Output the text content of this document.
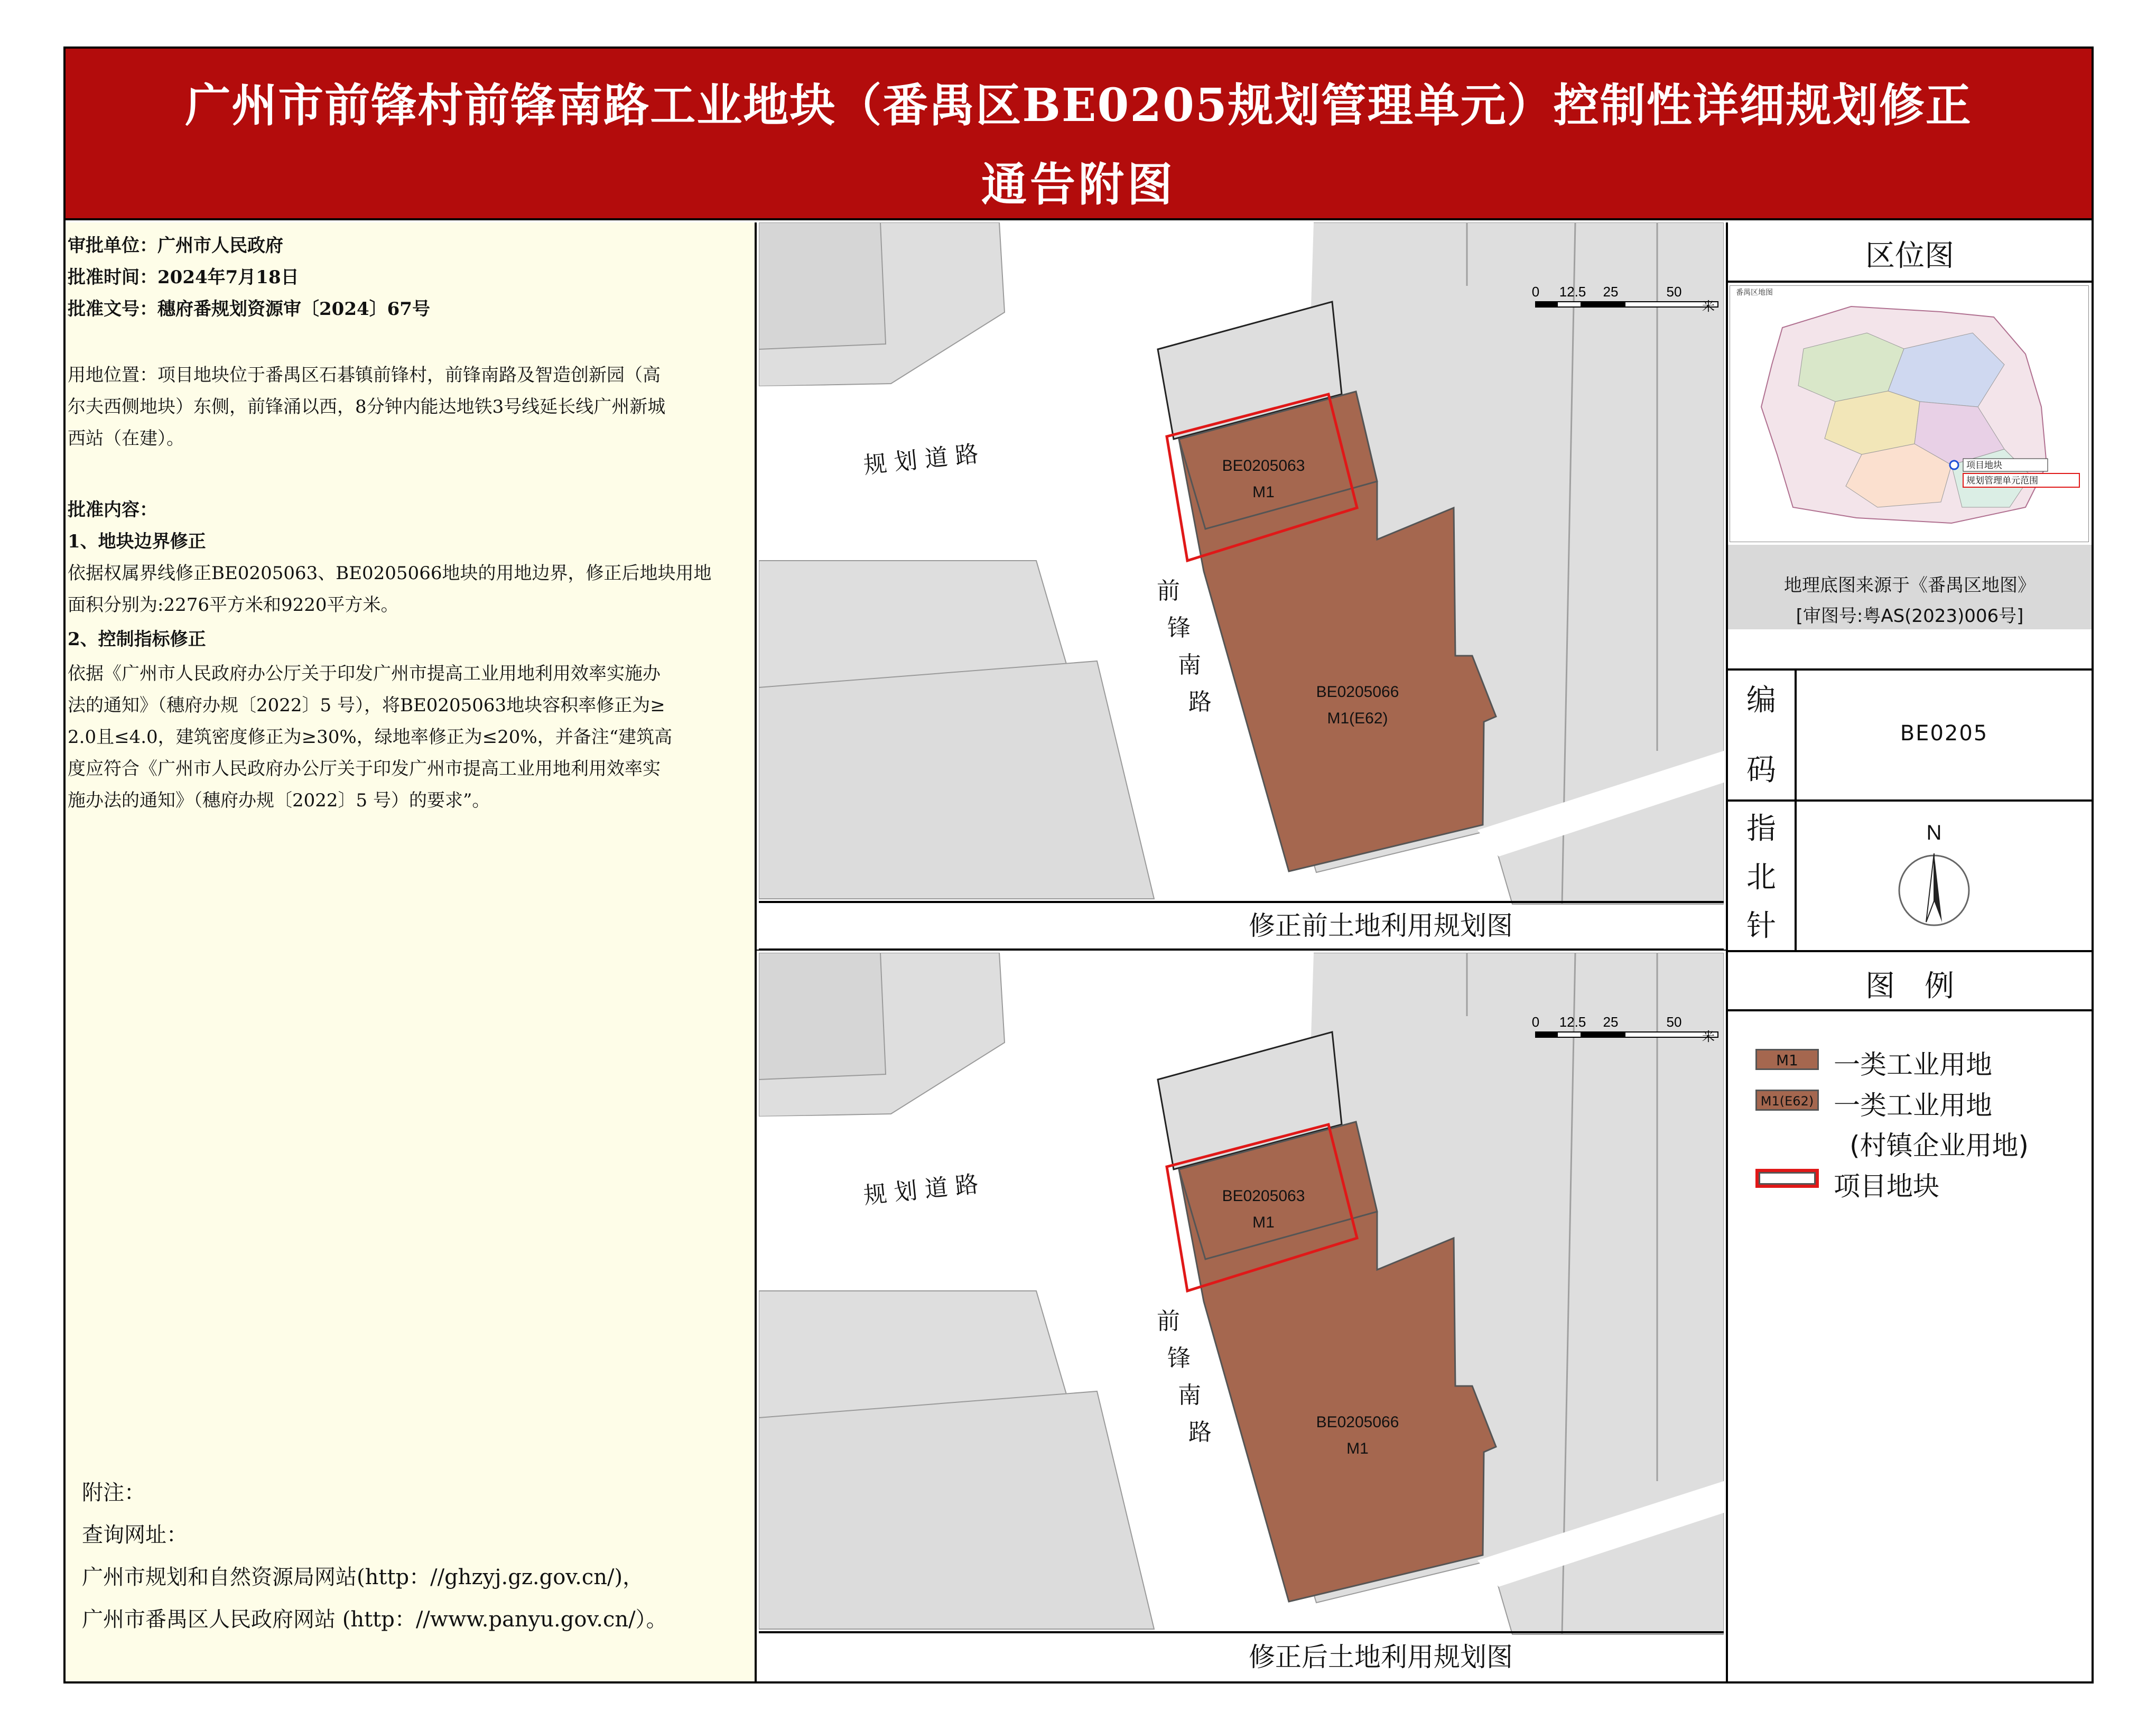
广州市前锋村前锋南路工业地块（番禺区BE0205规划管理单元）控制性详细规划修正
通告附图
审批单位：广州市人民政府
批准时间：2024年7月18日
批准文号：穗府番规划资源审〔2024〕67号
用地位置：项目地块位于番禺区石碁镇前锋村，前锋南路及智造创新园（高
尔夫西侧地块）东侧，前锋涌以西，8分钟内能达地铁3号线延长线广州新城
西站（在建）。
批准内容：
1、地块边界修正
依据权属界线修正BE0205063、BE0205066地块的用地边界，修正后地块用地
面积分别为:2276平方米和9220平方米。
2、控制指标修正
依据《广州市人民政府办公厅关于印发广州市提高工业用地利用效率实施办
法的通知》（穗府办规〔2022〕5 号），将BE0205063地块容积率修正为≥
2.0且≤4.0，建筑密度修正为≥30%，绿地率修正为≤20%，并备注“建筑高
度应符合《广州市人民政府办公厅关于印发广州市提高工业用地利用效率实
施办法的通知》（穗府办规〔2022〕5 号）的要求”。
附注：
查询网址：
广州市规划和自然资源局网站(http：//ghzyj.gz.gov.cn/)，
广州市番禺区人民政府网站 (http：//www.panyu.gov.cn/）。
BE0205063
M1
BE0205066
M1(E62)
规 划 道 路
前
锋
南
路
0 12.5 25	50
米
修正前土地利用规划图
BE0205063
M1
BE0205066
M1
规 划 道 路
前
锋
南
路
0 12.5 25	50
米
修正后土地利用规划图
区位图
番禺区地图
项目地块
规划管理单元范围
地理底图来源于《番禺区地图》
[审图号:粤AS(2023)006号]
编
码
BE0205
指
北
针
N
图　例
M1	一类工业用地
M1(E62) 一类工业用地
(村镇企业用地)
项目地块
